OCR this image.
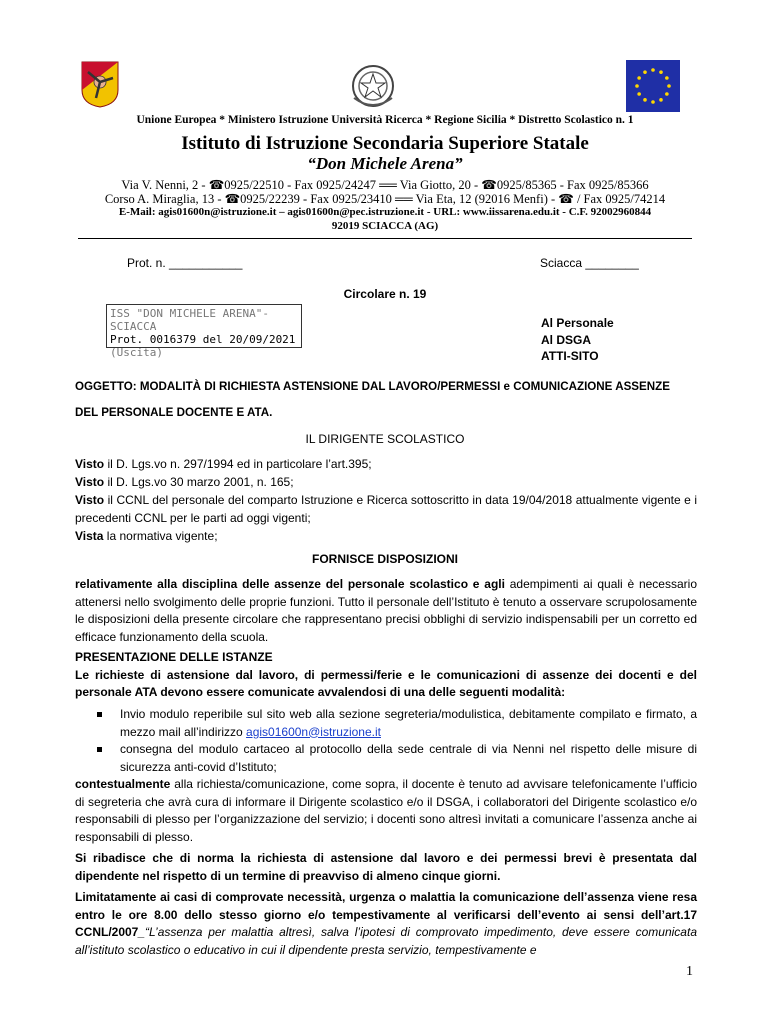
Unione Europea * Ministero Istruzione Università Ricerca * Regione Sicilia * Distretto Scolastico n. 1
Istituto di Istruzione Secondaria Superiore Statale
“Don Michele Arena”
Via V. Nenni, 2 - ☎0925/22510 - Fax 0925/24247 ══ Via Giotto, 20 - ☎0925/85365 - Fax 0925/85366
Corso A. Miraglia, 13 - ☎0925/22239 - Fax 0925/23410 ══ Via Eta, 12 (92016 Menfi) - ☎ / Fax 0925/74214
E-Mail: agis01600n@istruzione.it – agis01600n@pec.istruzione.it - URL: www.iissarena.edu.it - C.F. 92002960844
92019 SCIACCA (AG)
Prot. n. ___________	Sciacca ________
Circolare n. 19
ISS "DON MICHELE ARENA"-SCIACCA
Prot. 0016379 del 20/09/2021
(Uscita)
Al Personale
Al DSGA
ATTI-SITO
OGGETTO: MODALITÀ DI RICHIESTA ASTENSIONE DAL LAVORO/PERMESSI e COMUNICAZIONE ASSENZE
DEL PERSONALE DOCENTE E ATA.
IL DIRIGENTE SCOLASTICO
Visto il D. Lgs.vo n. 297/1994 ed in particolare l’art.395;
Visto il D. Lgs.vo 30 marzo 2001, n. 165;
Visto il CCNL del personale del comparto Istruzione e Ricerca sottoscritto in data 19/04/2018 attualmente vigente e i precedenti CCNL per le parti ad oggi vigenti;
Vista la normativa vigente;
FORNISCE DISPOSIZIONI
relativamente alla disciplina delle assenze del personale scolastico e agli adempimenti ai quali è necessario attenersi nello svolgimento delle proprie funzioni. Tutto il personale dell’Istituto è tenuto a osservare scrupolosamente le disposizioni della presente circolare che rappresentano precisi obblighi di servizio indispensabili per un corretto ed efficace funzionamento della scuola.
PRESENTAZIONE DELLE ISTANZE
Le richieste di astensione dal lavoro, di permessi/ferie e le comunicazioni di assenze dei docenti e del personale ATA devono essere comunicate avvalendosi di una delle seguenti modalità:
Invio modulo reperibile sul sito web alla sezione segreteria/modulistica, debitamente compilato e firmato, a mezzo mail all’indirizzo agis01600n@istruzione.it
consegna del modulo cartaceo al protocollo della sede centrale di via Nenni nel rispetto delle misure di sicurezza anti-covid d’Istituto;
contestualmente alla richiesta/comunicazione, come sopra, il docente è tenuto ad avvisare telefonicamente l’ufficio di segreteria che avrà cura di informare il Dirigente scolastico e/o il DSGA, i collaboratori del Dirigente scolastico e/o responsabili di plesso per l’organizzazione del servizio; i docenti sono altresì invitati a comunicare l’assenza anche ai responsabili di plesso.
Si ribadisce che di norma la richiesta di astensione dal lavoro e dei permessi brevi è presentata dal dipendente nel rispetto di un termine di preavviso di almeno cinque giorni.
Limitatamente ai casi di comprovate necessità, urgenza o malattia la comunicazione dell’assenza viene resa entro le ore 8.00 dello stesso giorno e/o tempestivamente al verificarsi dell’evento ai sensi dell’art.17 CCNL/2007_“L’assenza per malattia altresì, salva l’ipotesi di comprovato impedimento, deve essere comunicata all’istituto scolastico o educativo in cui il dipendente presta servizio, tempestivamente e
1
